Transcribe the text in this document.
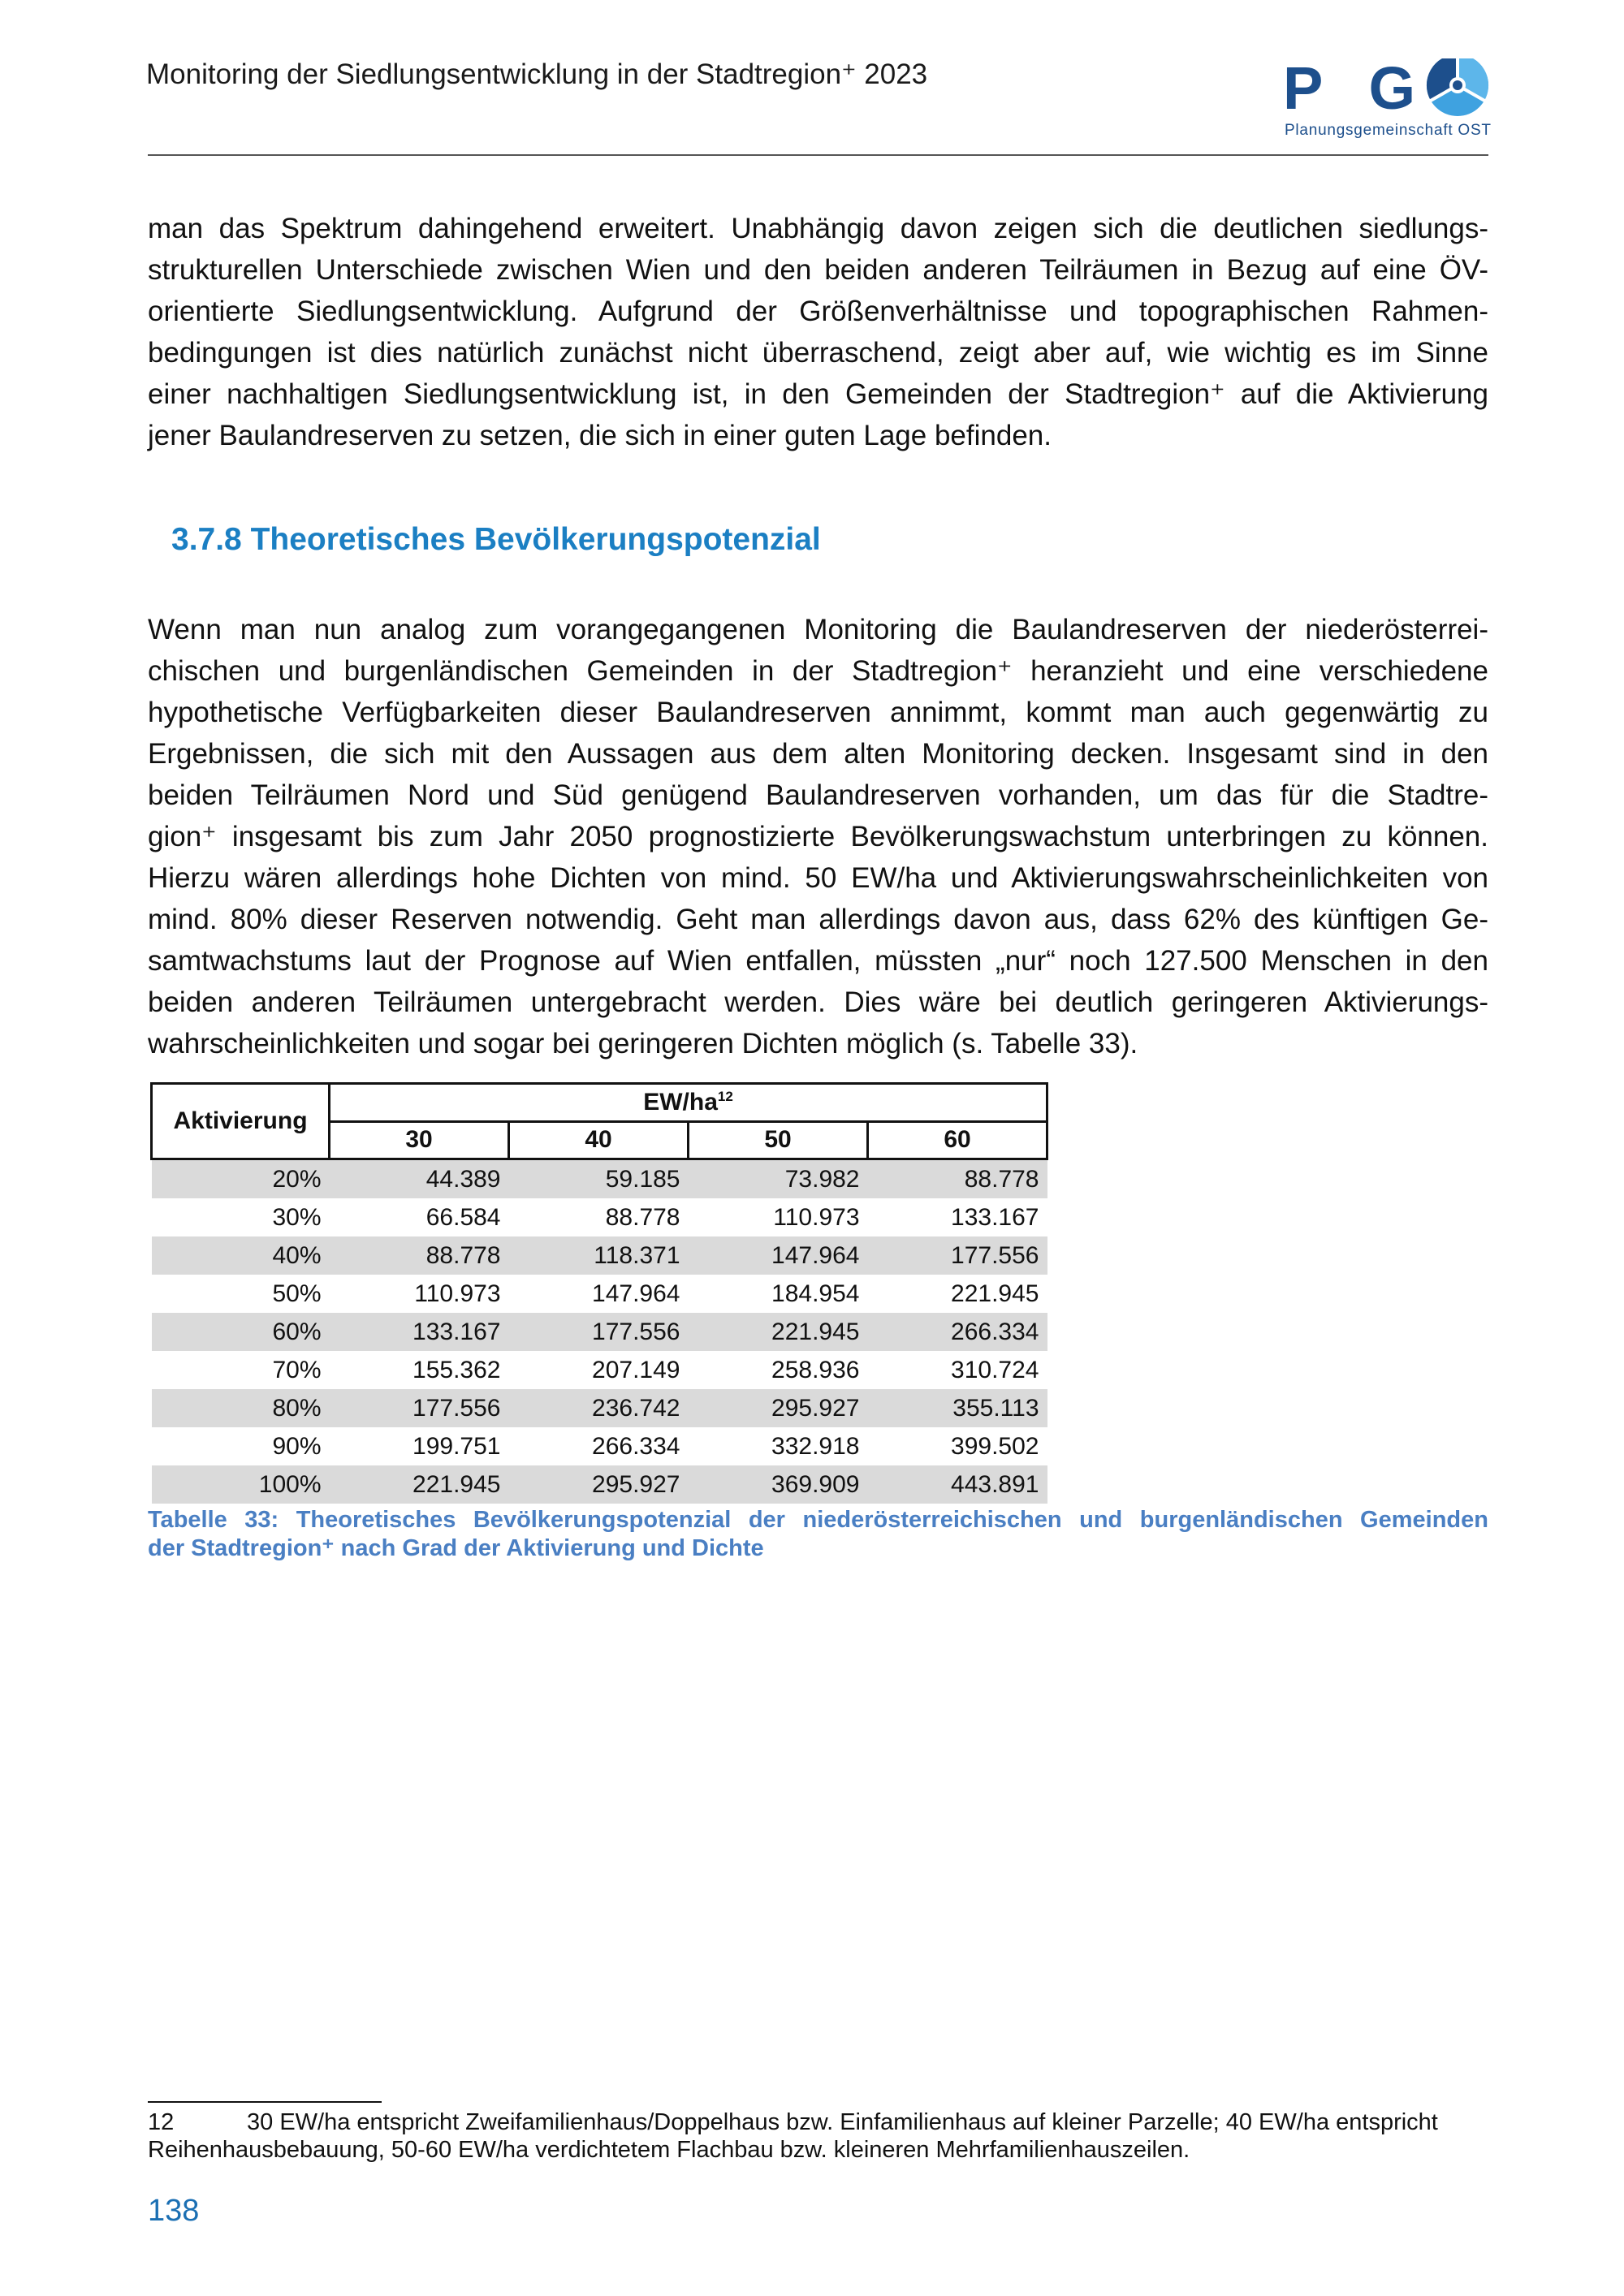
Monitoring der Siedlungsentwicklung in der Stadtregion⁺ 2023	PG
Planungsgemeinschaft OST
man das Spektrum dahingehend erweitert. Unabhängig davon zeigen sich die deutlichen siedlungs-
strukturellen Unterschiede zwischen Wien und den beiden anderen Teilräumen in Bezug auf eine ÖV-
orientierte Siedlungsentwicklung. Aufgrund der Größenverhältnisse und topographischen Rahmen-
bedingungen ist dies natürlich zunächst nicht überraschend, zeigt aber auf, wie wichtig es im Sinne
einer nachhaltigen Siedlungsentwicklung ist, in den Gemeinden der Stadtregion⁺ auf die Aktivierung
jener Baulandreserven zu setzen, die sich in einer guten Lage befinden.
3.7.8 Theoretisches Bevölkerungspotenzial
Wenn man nun analog zum vorangegangenen Monitoring die Baulandreserven der niederösterrei-
chischen und burgenländischen Gemeinden in der Stadtregion⁺ heranzieht und eine verschiedene
hypothetische Verfügbarkeiten dieser Baulandreserven annimmt, kommt man auch gegenwärtig zu
Ergebnissen, die sich mit den Aussagen aus dem alten Monitoring decken. Insgesamt sind in den
beiden Teilräumen Nord und Süd genügend Baulandreserven vorhanden, um das für die Stadtre-
gion⁺ insgesamt bis zum Jahr 2050 prognostizierte Bevölkerungswachstum unterbringen zu können.
Hierzu wären allerdings hohe Dichten von mind. 50 EW/ha und Aktivierungswahrscheinlichkeiten von
mind. 80% dieser Reserven notwendig. Geht man allerdings davon aus, dass 62% des künftigen Ge-
samtwachstums laut der Prognose auf Wien entfallen, müssten „nur“ noch 127.500 Menschen in den
beiden anderen Teilräumen untergebracht werden. Dies wäre bei deutlich geringeren Aktivierungs-
wahrscheinlichkeiten und sogar bei geringeren Dichten möglich (s. Tabelle 33).
Aktivierung	$EW/ha^{12}$
	30	40	50	60
20%	44.389	59.185	73.982	88.778
30%	66.584	88.778	110.973	133.167
40%	88.778	118.371	147.964	177.556
50%	110.973	147.964	184.954	221.945
60%	133.167	177.556	221.945	266.334
70%	155.362	207.149	258.936	310.724
80%	177.556	236.742	295.927	355.113
90%	199.751	266.334	332.918	399.502
100%	221.945	295.927	369.909	443.891
Tabelle 33: Theoretisches Bevölkerungspotenzial der niederösterreichischen und burgenländischen Gemeinden
der Stadtregion⁺ nach Grad der Aktivierung und Dichte
12	30 EW/ha entspricht Zweifamilienhaus/Doppelhaus bzw. Einfamilienhaus auf kleiner Parzelle; 40 EW/ha entspricht
Reihenhausbebauung, 50-60 EW/ha verdichtetem Flachbau bzw. kleineren Mehrfamilienhauszeilen.
138
